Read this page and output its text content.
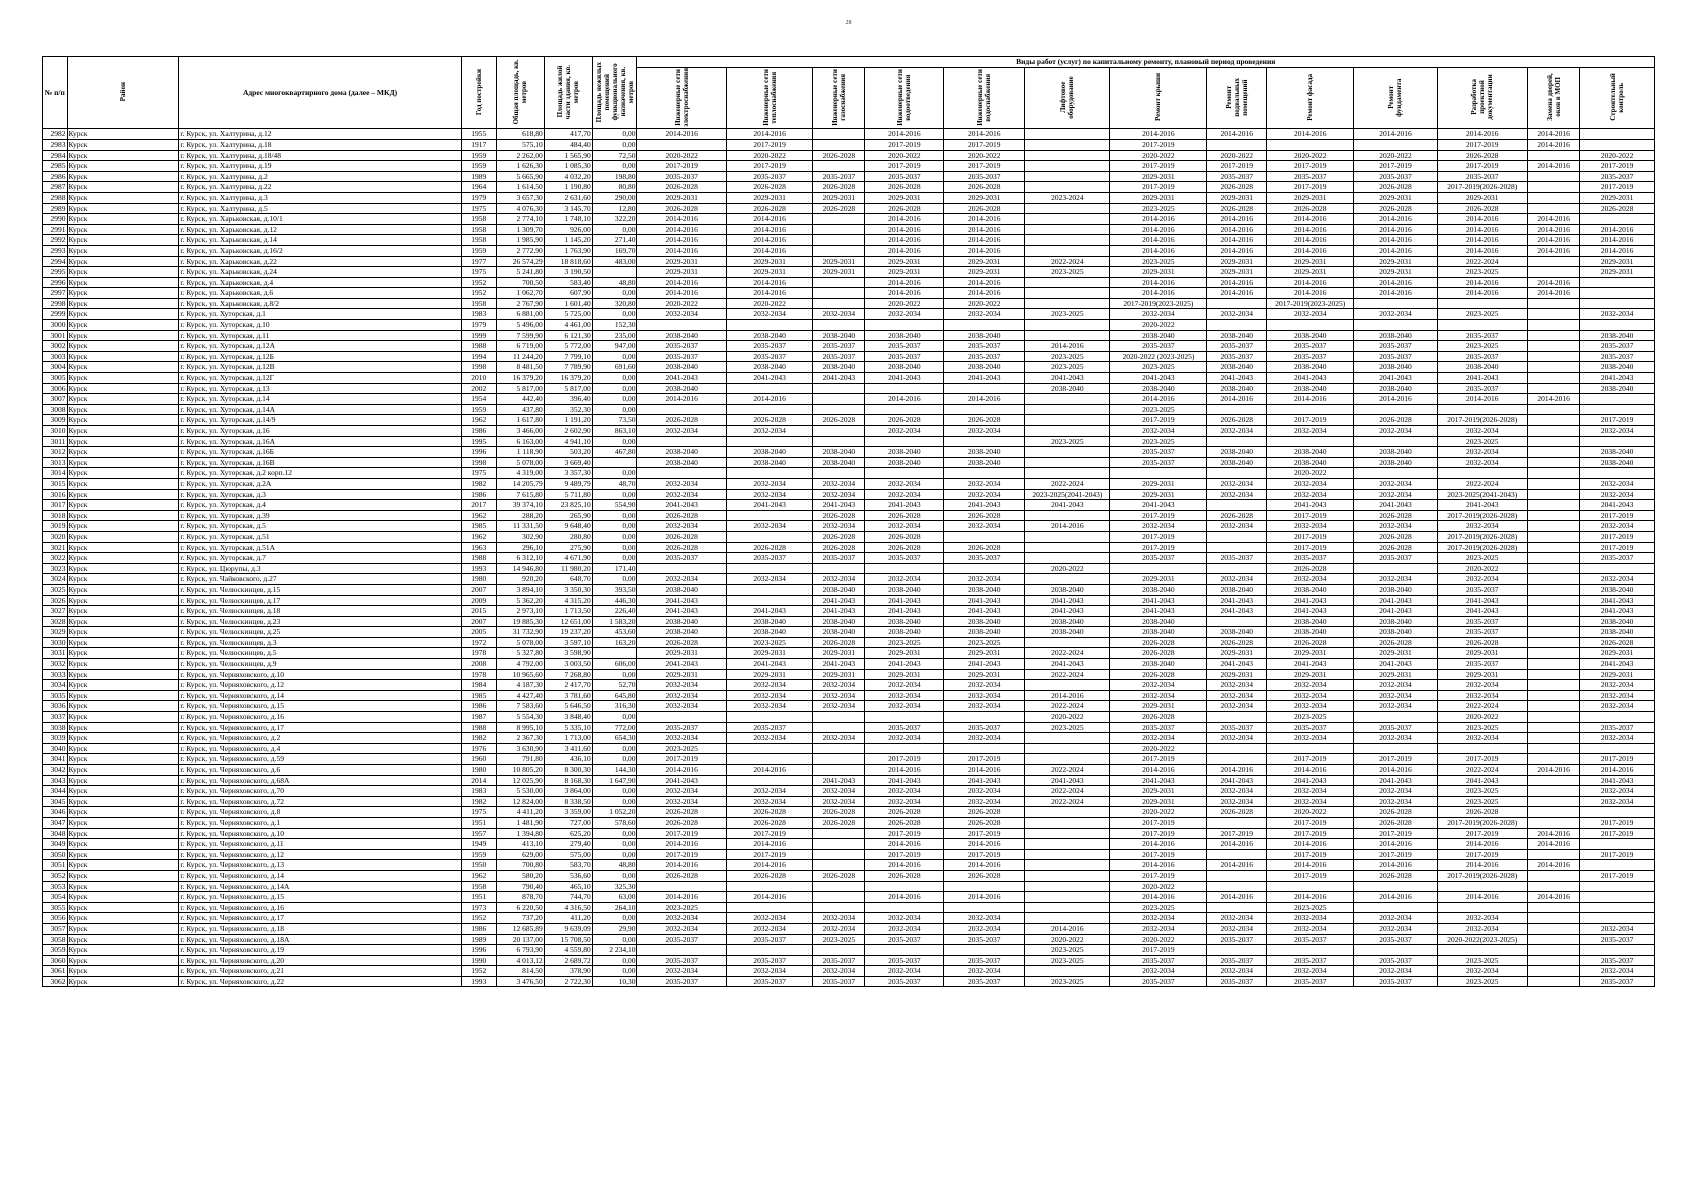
28
№ п/п	Район	Адрес многоквартирного дома (далее – МКД)	Год постройки	Общая площадь, кв. метров	Площадь жилой части здания, кв. метров	Площадь нежилых помещений функционального назначения, кв. метров	Виды работ (услуг) по капитальному ремонту, плановый период проведения												
							Инженерные сети электроснабжения	Инженерные сети теплоснабжения	Инженерные сети газоснабжения	Инженерные сети водоотведения	Инженерные сети водоснабжения	Лифтовое оборудование	Ремонт крыши	Ремонт подвальных помещений	Ремонт фасада	Ремонт фундамента	Разработка проектной документации	Замена дверей, окон в МОП	Строительный контроль
2982	Курск	г. Курск, ул. Халтурина, д.12	1955	618,80	417,70	0,00	2014-2016	2014-2016		2014-2016	2014-2016		2014-2016	2014-2016	2014-2016	2014-2016	2014-2016	2014-2016	
2983	Курск	г. Курск, ул. Халтурина, д.18	1917	575,10	484,40	0,00		2017-2019		2017-2019	2017-2019		2017-2019				2017-2019	2014-2016	
2984	Курск	г. Курск, ул. Халтурина, д.18/48	1959	2 262,00	1 565,90	72,50	2020-2022	2020-2022	2026-2028	2020-2022	2020-2022		2020-2022	2020-2022	2020-2022	2020-2022	2026-2028		2020-2022
2985	Курск	г. Курск, ул. Халтурина, д.19	1959	1 626,30	1 085,30	0,00	2017-2019	2017-2019		2017-2019	2017-2019		2017-2019	2017-2019	2017-2019	2017-2019	2017-2019	2014-2016	2017-2019
2986	Курск	г. Курск, ул. Халтурина, д.2	1989	5 665,90	4 032,20	198,80	2035-2037	2035-2037	2035-2037	2035-2037	2035-2037		2029-2031	2035-2037	2035-2037	2035-2037	2035-2037		2035-2037
2987	Курск	г. Курск, ул. Халтурина, д.22	1964	1 614,50	1 190,80	80,80	2026-2028	2026-2028	2026-2028	2026-2028	2026-2028		2017-2019	2026-2028	2017-2019	2026-2028	2017-2019(2026-2028)		2017-2019
2988	Курск	г. Курск, ул. Халтурина, д.3	1979	3 657,30	2 631,60	290,00	2029-2031	2029-2031	2029-2031	2029-2031	2029-2031	2023-2024	2029-2031	2029-2031	2029-2031	2029-2031	2029-2031		2029-2031
2989	Курск	г. Курск, ул. Халтурина, д.5	1975	4 076,30	3 145,70	12,80	2026-2028	2026-2028	2026-2028	2026-2028	2026-2028		2023-2025	2026-2028	2026-2028	2026-2028	2026-2028		2026-2028
2990	Курск	г. Курск, ул. Харьковская, д.10/1	1958	2 774,10	1 748,10	322,20	2014-2016	2014-2016		2014-2016	2014-2016		2014-2016	2014-2016	2014-2016	2014-2016	2014-2016	2014-2016	
2991	Курск	г. Курск, ул. Харьковская, д.12	1958	1 309,70	926,00	0,00	2014-2016	2014-2016		2014-2016	2014-2016		2014-2016	2014-2016	2014-2016	2014-2016	2014-2016	2014-2016	2014-2016
2992	Курск	г. Курск, ул. Харьковская, д.14	1958	1 985,90	1 145,20	271,40	2014-2016	2014-2016		2014-2016	2014-2016		2014-2016	2014-2016	2014-2016	2014-2016	2014-2016	2014-2016	2014-2016
2993	Курск	г. Курск, ул. Харьковская, д.16/2	1959	2 772,90	1 763,90	169,70	2014-2016	2014-2016		2014-2016	2014-2016		2014-2016	2014-2016	2014-2016	2014-2016	2014-2016	2014-2016	2014-2016
2994	Курск	г. Курск, ул. Харьковская, д.22	1977	26 574,29	18 818,60	483,00	2029-2031	2029-2031	2029-2031	2029-2031	2029-2031	2022-2024	2023-2025	2029-2031	2029-2031	2029-2031	2022-2024		2029-2031
2995	Курск	г. Курск, ул. Харьковская, д.24	1975	5 241,80	3 190,50		2029-2031	2029-2031	2029-2031	2029-2031	2029-2031	2023-2025	2029-2031	2029-2031	2029-2031	2029-2031	2023-2025		2029-2031
2996	Курск	г. Курск, ул. Харьковская, д.4	1952	700,50	583,40	48,80	2014-2016	2014-2016		2014-2016	2014-2016		2014-2016	2014-2016	2014-2016	2014-2016	2014-2016	2014-2016	
2997	Курск	г. Курск, ул. Харьковская, д.6	1952	1 062,70	607,90	0,00	2014-2016	2014-2016		2014-2016	2014-2016		2014-2016	2014-2016	2014-2016	2014-2016	2014-2016	2014-2016	
2998	Курск	г. Курск, ул. Харьковская, д.8/2	1958	2 767,90	1 601,40	320,80	2020-2022	2020-2022		2020-2022	2020-2022		2017-2019(2023-2025)		2017-2019(2023-2025)				
2999	Курск	г. Курск, ул. Хуторская, д.1	1983	6 881,00	5 725,00	0,00	2032-2034	2032-2034	2032-2034	2032-2034	2032-2034	2023-2025	2032-2034	2032-2034	2032-2034	2032-2034	2023-2025		2032-2034
3000	Курск	г. Курск, ул. Хуторская, д.10	1979	5 496,00	4 461,00	152,30							2020-2022						
3001	Курск	г. Курск, ул. Хуторская, д.11	1999	7 599,90	6 121,30	235,00	2038-2040	2038-2040	2038-2040	2038-2040	2038-2040		2038-2040	2038-2040	2038-2040	2038-2040	2035-2037		2038-2040
3002	Курск	г. Курск, ул. Хуторская, д.12А	1988	6 719,00	5 772,00	947,00	2035-2037	2035-2037	2035-2037	2035-2037	2035-2037	2014-2016	2035-2037	2035-2037	2035-2037	2035-2037	2023-2025		2035-2037
3003	Курск	г. Курск, ул. Хуторская, д.12Б	1994	11 244,20	7 799,10	0,00	2035-2037	2035-2037	2035-2037	2035-2037	2035-2037	2023-2025	2020-2022 (2023-2025)	2035-2037	2035-2037	2035-2037	2035-2037		2035-2037
3004	Курск	г. Курск, ул. Хуторская, д.12В	1998	8 481,50	7 789,90	691,60	2038-2040	2038-2040	2038-2040	2038-2040	2038-2040	2023-2025	2023-2025	2038-2040	2038-2040	2038-2040	2038-2040		2038-2040
3005	Курск	г. Курск, ул. Хуторская, д.12Г	2010	16 379,20	16 379,20	0,00	2041-2043	2041-2043	2041-2043	2041-2043	2041-2043	2041-2043	2041-2043	2041-2043	2041-2043	2041-2043	2041-2043		2041-2043
3006	Курск	г. Курск, ул. Хуторская, д.13	2002	5 817,00	5 817,00	0,00	2038-2040					2038-2040	2038-2040	2038-2040	2038-2040	2038-2040	2035-2037		2038-2040
3007	Курск	г. Курск, ул. Хуторская, д.14	1954	442,40	396,40	0,00	2014-2016	2014-2016		2014-2016	2014-2016		2014-2016	2014-2016	2014-2016	2014-2016	2014-2016	2014-2016	
3008	Курск	г. Курск, ул. Хуторская, д.14А	1959	437,80	352,30	0,00							2023-2025						
3009	Курск	г. Курск, ул. Хуторская, д.14/9	1962	1 617,80	1 191,20	73,50	2026-2028	2026-2028	2026-2028	2026-2028	2026-2028		2017-2019	2026-2028	2017-2019	2026-2028	2017-2019(2026-2028)		2017-2019
3010	Курск	г. Курск, ул. Хуторская, д.16	1986	3 466,00	2 602,90	863,10	2032-2034	2032-2034		2032-2034	2032-2034		2032-2034	2032-2034	2032-2034	2032-2034	2032-2034		2032-2034
3011	Курск	г. Курск, ул. Хуторская, д.16А	1995	6 163,00	4 941,10	0,00						2023-2025	2023-2025				2023-2025		
3012	Курск	г. Курск, ул. Хуторская, д.16Б	1996	1 118,90	503,20	467,80	2038-2040	2038-2040	2038-2040	2038-2040	2038-2040		2035-2037	2038-2040	2038-2040	2038-2040	2032-2034		2038-2040
3013	Курск	г. Курск, ул. Хуторская, д.16В	1998	5 078,00	3 669,40		2038-2040	2038-2040	2038-2040	2038-2040	2038-2040		2035-2037	2038-2040	2038-2040	2038-2040	2032-2034		2038-2040
3014	Курск	г. Курск, ул. Хуторская, д.2 корп.12	1975	4 319,00	3 357,30	0,00									2020-2022				
3015	Курск	г. Курск, ул. Хуторская, д.2А	1982	14 205,79	9 489,79	48,70	2032-2034	2032-2034	2032-2034	2032-2034	2032-2034	2022-2024	2029-2031	2032-2034	2032-2034	2032-2034	2022-2024		2032-2034
3016	Курск	г. Курск, ул. Хуторская, д.3	1986	7 615,80	5 711,80	0,00	2032-2034	2032-2034	2032-2034	2032-2034	2032-2034	2023-2025(2041-2043)	2029-2031	2032-2034	2032-2034	2032-2034	2023-2025(2041-2043)		2032-2034
3017	Курск	г. Курск, ул. Хуторская, д.4	2017	39 374,10	23 825,10	554,90	2041-2043	2041-2043	2041-2043	2041-2043	2041-2043	2041-2043	2041-2043		2041-2043	2041-2043	2041-2043		2041-2043
3018	Курск	г. Курск, ул. Хуторская, д.39	1962	288,20	265,90	0,00	2026-2028		2026-2028	2026-2028	2026-2028		2017-2019	2026-2028	2017-2019	2026-2028	2017-2019(2026-2028)		2017-2019
3019	Курск	г. Курск, ул. Хуторская, д.5	1985	11 331,50	9 648,40	0,00	2032-2034	2032-2034	2032-2034	2032-2034	2032-2034	2014-2016	2032-2034	2032-2034	2032-2034	2032-2034	2032-2034		2032-2034
3020	Курск	г. Курск, ул. Хуторская, д.51	1962	302,90	280,80	0,00	2026-2028		2026-2028	2026-2028			2017-2019		2017-2019	2026-2028	2017-2019(2026-2028)		2017-2019
3021	Курск	г. Курск, ул. Хуторская, д.51А	1963	296,10	275,90	0,00	2026-2028	2026-2028	2026-2028	2026-2028	2026-2028		2017-2019		2017-2019	2026-2028	2017-2019(2026-2028)		2017-2019
3022	Курск	г. Курск, ул. Хуторская, д.7	1988	6 312,10	4 671,90	0,00	2035-2037	2035-2037	2035-2037	2035-2037	2035-2037		2035-2037	2035-2037	2035-2037	2035-2037	2023-2025		2035-2037
3023	Курск	г. Курск, ул. Цюрупы, д.3	1993	14 946,80	11 980,20	171,40						2020-2022			2026-2028		2020-2022		
3024	Курск	г. Курск, ул. Чайковского, д.27	1980	920,20	648,70	0,00	2032-2034	2032-2034	2032-2034	2032-2034	2032-2034		2029-2031	2032-2034	2032-2034	2032-2034	2032-2034		2032-2034
3025	Курск	г. Курск, ул. Челюскинцев, д.15	2007	3 894,10	3 350,30	393,50	2038-2040		2038-2040	2038-2040	2038-2040	2038-2040	2038-2040	2038-2040	2038-2040	2038-2040	2035-2037		2038-2040
3026	Курск	г. Курск, ул. Челюскинцев, д.17	2009	5 362,20	4 315,20	446,30	2041-2043		2041-2043	2041-2043	2041-2043	2041-2043	2041-2043	2041-2043	2041-2043	2041-2043	2041-2043		2041-2043
3027	Курск	г. Курск, ул. Челюскинцев, д.18	2015	2 973,10	1 713,50	226,40	2041-2043	2041-2043	2041-2043	2041-2043	2041-2043	2041-2043	2041-2043	2041-2043	2041-2043	2041-2043	2041-2043		2041-2043
3028	Курск	г. Курск, ул. Челюскинцев, д.23	2007	19 885,30	12 651,00	1 583,20	2038-2040	2038-2040	2038-2040	2038-2040	2038-2040	2038-2040	2038-2040		2038-2040	2038-2040	2035-2037		2038-2040
3029	Курск	г. Курск, ул. Челюскинцев, д.25	2005	31 732,90	19 237,20	453,60	2038-2040	2038-2040	2038-2040	2038-2040	2038-2040	2038-2040	2038-2040	2038-2040	2038-2040	2038-2040	2035-2037		2038-2040
3030	Курск	г. Курск, ул. Челюскинцев, д.3	1972	5 078,00	3 597,10	163,20	2026-2028	2023-2025	2026-2028	2023-2025	2023-2025		2026-2028	2026-2028	2026-2028	2026-2028	2026-2028		2026-2028
3031	Курск	г. Курск, ул. Челюскинцев, д.5	1978	5 327,80	3 598,90		2029-2031	2029-2031	2029-2031	2029-2031	2029-2031	2022-2024	2026-2028	2029-2031	2029-2031	2029-2031	2029-2031		2029-2031
3032	Курск	г. Курск, ул. Челюскинцев, д.9	2008	4 792,00	3 003,50	606,00	2041-2043	2041-2043	2041-2043	2041-2043	2041-2043	2041-2043	2038-2040	2041-2043	2041-2043	2041-2043	2035-2037		2041-2043
3033	Курск	г. Курск, ул. Черняховского, д.10	1978	10 965,60	7 268,80	0,00	2029-2031	2029-2031	2029-2031	2029-2031	2029-2031	2022-2024	2026-2028	2029-2031	2029-2031	2029-2031	2029-2031		2029-2031
3034	Курск	г. Курск, ул. Черняховского, д.12	1984	4 187,30	2 417,70	52,70	2032-2034	2032-2034	2032-2034	2032-2034	2032-2034		2032-2034	2032-2034	2032-2034	2032-2034	2032-2034		2032-2034
3035	Курск	г. Курск, ул. Черняховского, д.14	1985	4 427,40	3 781,60	645,80	2032-2034	2032-2034	2032-2034	2032-2034	2032-2034	2014-2016	2032-2034	2032-2034	2032-2034	2032-2034	2032-2034		2032-2034
3036	Курск	г. Курск, ул. Черняховского, д.15	1986	7 583,60	5 646,50	316,30	2032-2034	2032-2034	2032-2034	2032-2034	2032-2034	2022-2024	2029-2031	2032-2034	2032-2034	2032-2034	2022-2024		2032-2034
3037	Курск	г. Курск, ул. Черняховского, д.16	1987	5 554,30	3 848,40	0,00						2020-2022	2026-2028		2023-2025		2020-2022		
3038	Курск	г. Курск, ул. Черняховского, д.17	1988	8 995,10	5 335,10	772,00	2035-2037	2035-2037		2035-2037	2035-2037	2023-2025	2035-2037	2035-2037	2035-2037	2035-2037	2023-2025		2035-2037
3039	Курск	г. Курск, ул. Черняховского, д.2	1982	2 367,30	1 713,00	654,30	2032-2034	2032-2034	2032-2034	2032-2034	2032-2034		2032-2034	2032-2034	2032-2034	2032-2034	2032-2034		2032-2034
3040	Курск	г. Курск, ул. Черняховского, д.4	1976	3 630,90	3 411,60	0,00	2023-2025						2020-2022						
3041	Курск	г. Курск, ул. Черняховского, д.59	1960	791,80	436,10	0,00	2017-2019			2017-2019	2017-2019		2017-2019		2017-2019	2017-2019	2017-2019		2017-2019
3042	Курск	г. Курск, ул. Черняховского, д.6	1980	10 805,20	8 300,30	144,30	2014-2016	2014-2016		2014-2016	2014-2016	2022-2024	2014-2016	2014-2016	2014-2016	2014-2016	2022-2024	2014-2016	2014-2016
3043	Курск	г. Курск, ул. Черняховского, д.68А	2014	12 025,90	8 168,30	1 647,90	2041-2043		2041-2043	2041-2043	2041-2043	2041-2043	2041-2043	2041-2043	2041-2043	2041-2043	2041-2043		2041-2043
3044	Курск	г. Курск, ул. Черняховского, д.70	1983	5 530,00	3 864,00	0,00	2032-2034	2032-2034	2032-2034	2032-2034	2032-2034	2022-2024	2029-2031	2032-2034	2032-2034	2032-2034	2023-2025		2032-2034
3045	Курск	г. Курск, ул. Черняховского, д.72	1982	12 824,00	8 338,50	0,00	2032-2034	2032-2034	2032-2034	2032-2034	2032-2034	2022-2024	2029-2031	2032-2034	2032-2034	2032-2034	2023-2025		2032-2034
3046	Курск	г. Курск, ул. Черняховского, д.8	1975	4 411,20	3 359,00	1 052,20	2026-2028	2026-2028	2026-2028	2026-2028	2026-2028		2020-2022	2026-2028	2020-2022	2026-2028	2026-2028		
3047	Курск	г. Курск, ул. Черняховского, д.1	1951	1 481,90	727,00	578,60	2026-2028	2026-2028	2026-2028	2026-2028	2026-2028		2017-2019		2017-2019	2026-2028	2017-2019(2026-2028)		2017-2019
3048	Курск	г. Курск, ул. Черняховского, д.10	1957	1 394,80	625,20	0,00	2017-2019	2017-2019		2017-2019	2017-2019		2017-2019	2017-2019	2017-2019	2017-2019	2017-2019	2014-2016	2017-2019
3049	Курск	г. Курск, ул. Черняховского, д.11	1949	413,10	279,40	0,00	2014-2016	2014-2016		2014-2016	2014-2016		2014-2016	2014-2016	2014-2016	2014-2016	2014-2016	2014-2016	
3050	Курск	г. Курск, ул. Черняховского, д.12	1959	629,00	575,00	0,00	2017-2019	2017-2019		2017-2019	2017-2019		2017-2019		2017-2019	2017-2019	2017-2019		2017-2019
3051	Курск	г. Курск, ул. Черняховского, д.13	1950	700,80	583,70	48,80	2014-2016	2014-2016		2014-2016	2014-2016		2014-2016	2014-2016	2014-2016	2014-2016	2014-2016	2014-2016	
3052	Курск	г. Курск, ул. Черняховского, д.14	1962	580,20	536,60	0,00	2026-2028	2026-2028	2026-2028	2026-2028	2026-2028		2017-2019		2017-2019	2026-2028	2017-2019(2026-2028)		2017-2019
3053	Курск	г. Курск, ул. Черняховского, д.14А	1958	790,40	465,10	325,30							2020-2022						
3054	Курск	г. Курск, ул. Черняховского, д.15	1951	878,70	744,70	63,00	2014-2016	2014-2016		2014-2016	2014-2016		2014-2016	2014-2016	2014-2016	2014-2016	2014-2016	2014-2016	
3055	Курск	г. Курск, ул. Черняховского, д.16	1973	6 220,50	4 316,50	264,10	2023-2025						2023-2025		2023-2025				
3056	Курск	г. Курск, ул. Черняховского, д.17	1952	737,20	411,20	0,00	2032-2034	2032-2034	2032-2034	2032-2034	2032-2034		2032-2034	2032-2034	2032-2034	2032-2034	2032-2034		
3057	Курск	г. Курск, ул. Черняховского, д.18	1986	12 685,89	9 639,09	29,90	2032-2034	2032-2034	2032-2034	2032-2034	2032-2034	2014-2016	2032-2034	2032-2034	2032-2034	2032-2034	2032-2034		2032-2034
3058	Курск	г. Курск, ул. Черняховского, д.18А	1989	20 137,00	15 708,50	0,00	2035-2037	2035-2037	2023-2025	2035-2037	2035-2037	2020-2022	2020-2022	2035-2037	2035-2037	2035-2037	2020-2022(2023-2025)		2035-2037
3059	Курск	г. Курск, ул. Черняховского, д.19	1996	6 793,90	4 559,80	2 234,10						2023-2025	2017-2019						
3060	Курск	г. Курск, ул. Черняховского, д.20	1990	4 013,12	2 689,72	0,00	2035-2037	2035-2037	2035-2037	2035-2037	2035-2037	2023-2025	2035-2037	2035-2037	2035-2037	2035-2037	2023-2025		2035-2037
3061	Курск	г. Курск, ул. Черняховского, д.21	1952	814,50	378,90	0,00	2032-2034	2032-2034	2032-2034	2032-2034	2032-2034		2032-2034	2032-2034	2032-2034	2032-2034	2032-2034		2032-2034
3062	Курск	г. Курск, ул. Черняховского, д.22	1993	3 476,50	2 722,30	10,30	2035-2037	2035-2037	2035-2037	2035-2037	2035-2037	2023-2025	2035-2037	2035-2037	2035-2037	2035-2037	2023-2025		2035-2037
